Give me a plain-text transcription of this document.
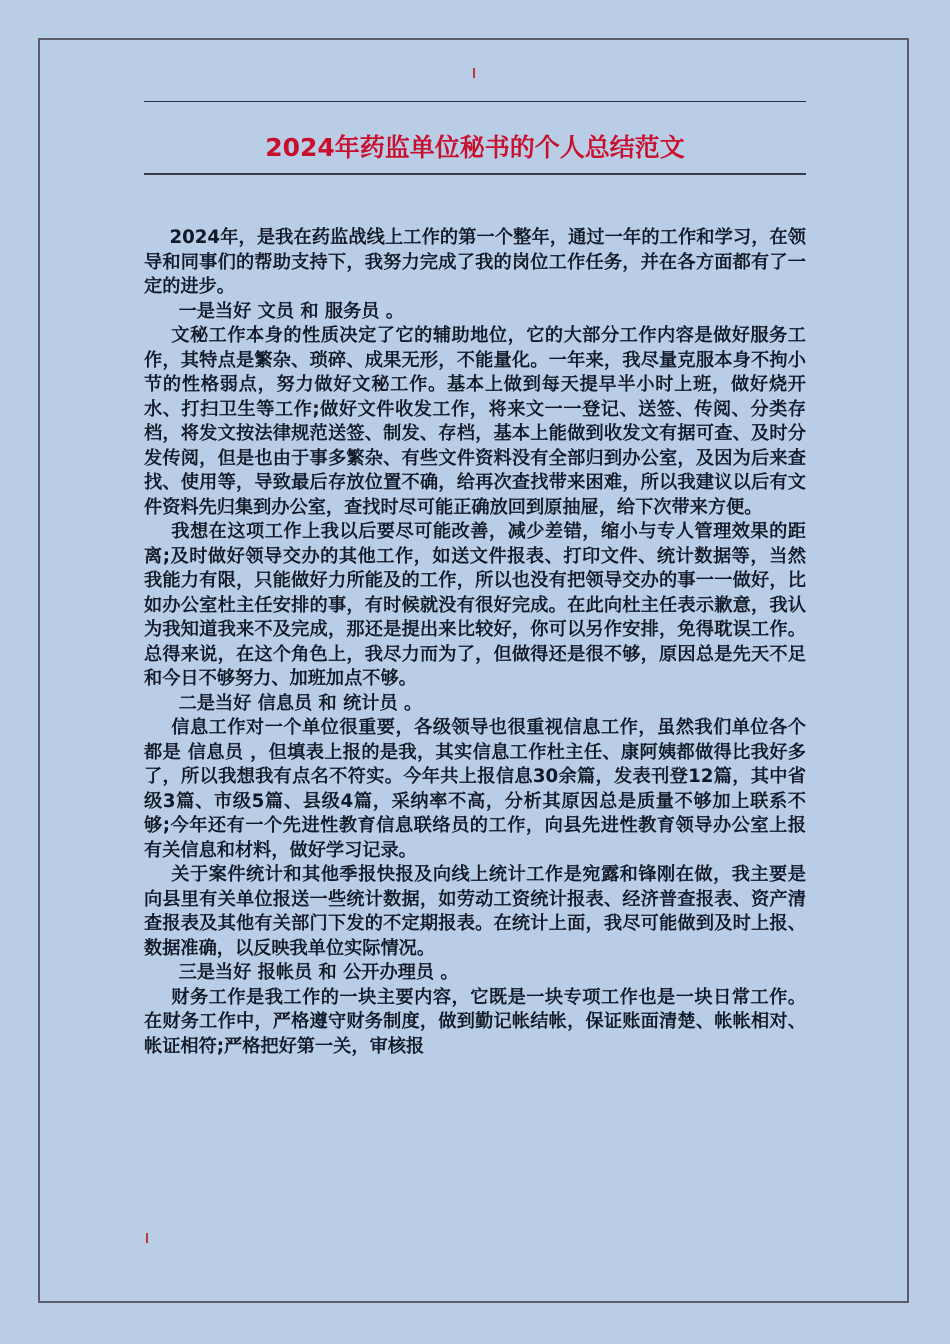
2024年药监单位秘书的个人总结范文

2024年，是我在药监战线上工作的第一个整年，通过一年的工作和学习，在领导和同事们的帮助支持下，我努力完成了我的岗位工作任务，并在各方面都有了一定的进步。

一是当好 文员 和 服务员 。

文秘工作本身的性质决定了它的辅助地位，它的大部分工作内容是做好服务工作，其特点是繁杂、琐碎、成果无形，不能量化。一年来，我尽量克服本身不拘小节的性格弱点，努力做好文秘工作。基本上做到每天提早半小时上班，做好烧开水、打扫卫生等工作;做好文件收发工作，将来文一一登记、送签、传阅、分类存档，将发文按法律规范送签、制发、存档，基本上能做到收发文有据可查、及时分发传阅，但是也由于事多繁杂、有些文件资料没有全部归到办公室，及因为后来查找、使用等，导致最后存放位置不确，给再次查找带来困难，所以我建议以后有文件资料先归集到办公室，查找时尽可能正确放回到原抽屉，给下次带来方便。

我想在这项工作上我以后要尽可能改善，减少差错，缩小与专人管理效果的距离;及时做好领导交办的其他工作，如送文件报表、打印文件、统计数据等，当然我能力有限，只能做好力所能及的工作，所以也没有把领导交办的事一一做好，比如办公室杜主任安排的事，有时候就没有很好完成。在此向杜主任表示歉意，我认为我知道我来不及完成，那还是提出来比较好，你可以另作安排，免得耽误工作。总得来说，在这个角色上，我尽力而为了，但做得还是很不够，原因总是先天不足和今日不够努力、加班加点不够。

二是当好 信息员 和 统计员 。

信息工作对一个单位很重要，各级领导也很重视信息工作，虽然我们单位各个都是 信息员 ，但填表上报的是我，其实信息工作杜主任、康阿姨都做得比我好多了，所以我想我有点名不符实。今年共上报信息30余篇，发表刊登12篇，其中省级3篇、市级5篇、县级4篇，采纳率不高，分析其原因总是质量不够加上联系不够;今年还有一个先进性教育信息联络员的工作，向县先进性教育领导办公室上报有关信息和材料，做好学习记录。

关于案件统计和其他季报快报及向线上统计工作是宛露和锋刚在做，我主要是向县里有关单位报送一些统计数据，如劳动工资统计报表、经济普查报表、资产清查报表及其他有关部门下发的不定期报表。在统计上面，我尽可能做到及时上报、数据准确，以反映我单位实际情况。

三是当好 报帐员 和 公开办理员 。

财务工作是我工作的一块主要内容，它既是一块专项工作也是一块日常工作。在财务工作中，严格遵守财务制度，做到勤记帐结帐，保证账面清楚、帐帐相对、帐证相符;严格把好第一关，审核报
